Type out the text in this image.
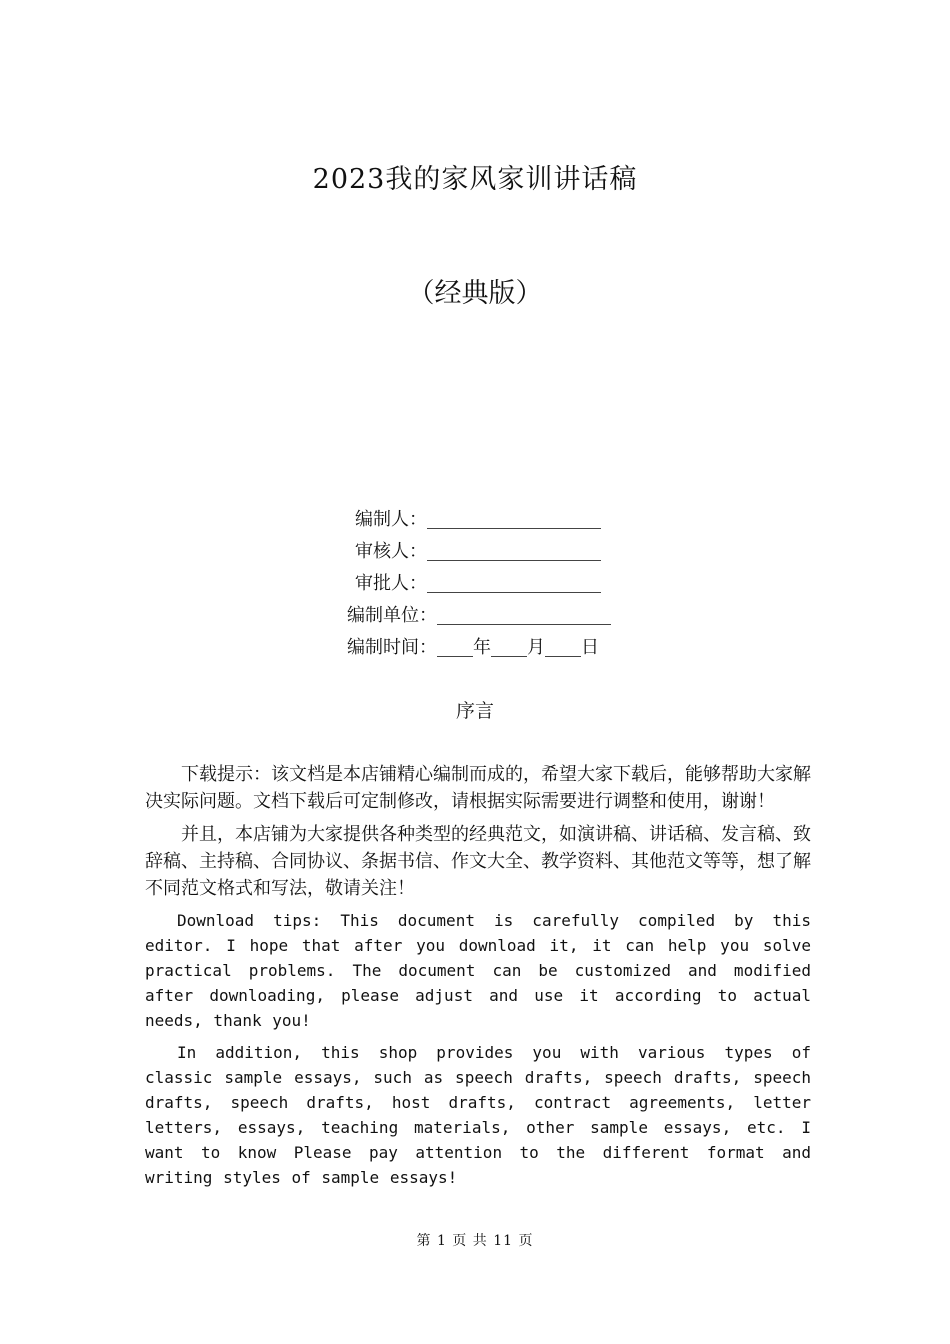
2023我的家风家训讲话稿
（经典版）
编制人：
审核人：
审批人：
编制单位：
编制时间： 年 月 日
序言

下载提示：该文档是本店铺精心编制而成的，希望大家下载后，能够帮助大家解决实际问题。文档下载后可定制修改，请根据实际需要进行调整和使用，谢谢！

并且，本店铺为大家提供各种类型的经典范文，如演讲稿、讲话稿、发言稿、致辞稿、主持稿、合同协议、条据书信、作文大全、教学资料、其他范文等等，想了解不同范文格式和写法，敬请关注！

Download tips: This document is carefully compiled by this editor. I hope that after you download it, it can help you solve practical problems. The document can be customized and modified after downloading, please adjust and use it according to actual needs, thank you!

In addition, this shop provides you with various types of classic sample essays, such as speech drafts, speech drafts, speech drafts, speech drafts, host drafts, contract agreements, letter letters, essays, teaching materials, other sample essays, etc. I want to know Please pay attention to the different format and writing styles of sample essays!

第 1 页 共 11 页
